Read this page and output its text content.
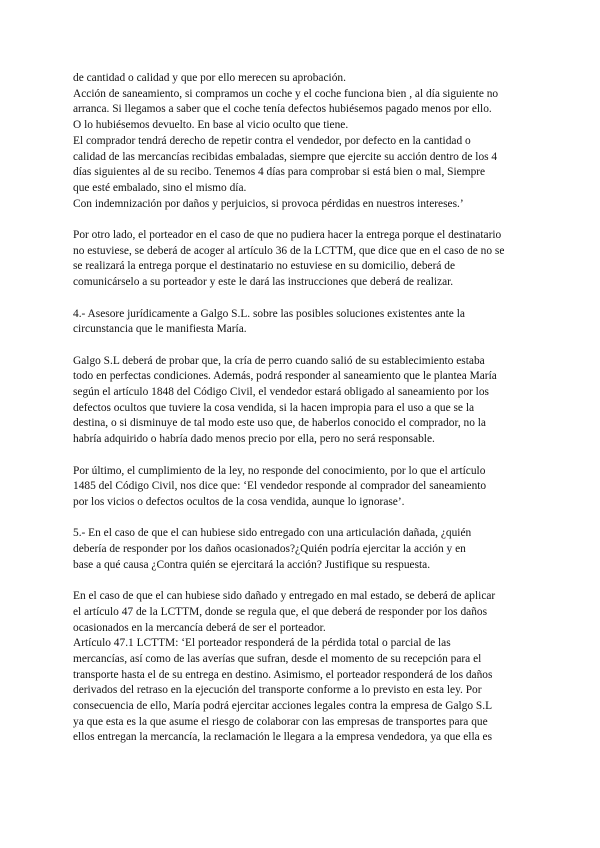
de cantidad o calidad y que por ello merecen su aprobación.
Acción de saneamiento, si compramos un coche y el coche funciona bien , al día siguiente no
arranca. Si llegamos a saber que el coche tenía defectos hubiésemos pagado menos por ello.
O lo hubiésemos devuelto. En base al vicio oculto que tiene.
El comprador tendrá derecho de repetir contra el vendedor, por defecto en la cantidad o
calidad de las mercancías recibidas embaladas, siempre que ejercite su acción dentro de los 4
días siguientes al de su recibo. Tenemos 4 días para comprobar si está bien o mal, Siempre
que esté embalado, sino el mismo día.
Con indemnización por daños y perjuicios, si provoca pérdidas en nuestros intereses.’
Por otro lado, el porteador en el caso de que no pudiera hacer la entrega porque el destinatario
no estuviese, se deberá de acoger al artículo 36 de la LCTTM, que dice que en el caso de no se
se realizará la entrega porque el destinatario no estuviese en su domicilio, deberá de
comunicárselo a su porteador y este le dará las instrucciones que deberá de realizar.
4.- Asesore jurídicamente a Galgo S.L. sobre las posibles soluciones existentes ante la
circunstancia que le manifiesta María.
Galgo S.L deberá de probar que, la cría de perro cuando salió de su establecimiento estaba
todo en perfectas condiciones. Además, podrá responder al saneamiento que le plantea María
según el artículo 1848 del Código Civil, el vendedor estará obligado al saneamiento por los
defectos ocultos que tuviere la cosa vendida, si la hacen impropia para el uso a que se la
destina, o si disminuye de tal modo este uso que, de haberlos conocido el comprador, no la
habría adquirido o habría dado menos precio por ella, pero no será responsable.
Por último, el cumplimiento de la ley, no responde del conocimiento, por lo que el artículo
1485 del Código Civil, nos dice que: ‘El vendedor responde al comprador del saneamiento
por los vicios o defectos ocultos de la cosa vendida, aunque lo ignorase’.
5.- En el caso de que el can hubiese sido entregado con una articulación dañada, ¿quién
debería de responder por los daños ocasionados?¿Quién podría ejercitar la acción y en
base a qué causa ¿Contra quién se ejercitará la acción? Justifique su respuesta.
En el caso de que el can hubiese sido dañado y entregado en mal estado, se deberá de aplicar
el artículo 47 de la LCTTM, donde se regula que, el que deberá de responder por los daños
ocasionados en la mercancía deberá de ser el porteador.
Artículo 47.1 LCTTM: ‘El porteador responderá de la pérdida total o parcial de las
mercancías, así como de las averías que sufran, desde el momento de su recepción para el
transporte hasta el de su entrega en destino. Asimismo, el porteador responderá de los daños
derivados del retraso en la ejecución del transporte conforme a lo previsto en esta ley. Por
consecuencia de ello, María podrá ejercitar acciones legales contra la empresa de Galgo S.L
ya que esta es la que asume el riesgo de colaborar con las empresas de transportes para que
ellos entregan la mercancía, la reclamación le llegara a la empresa vendedora, ya que ella es
